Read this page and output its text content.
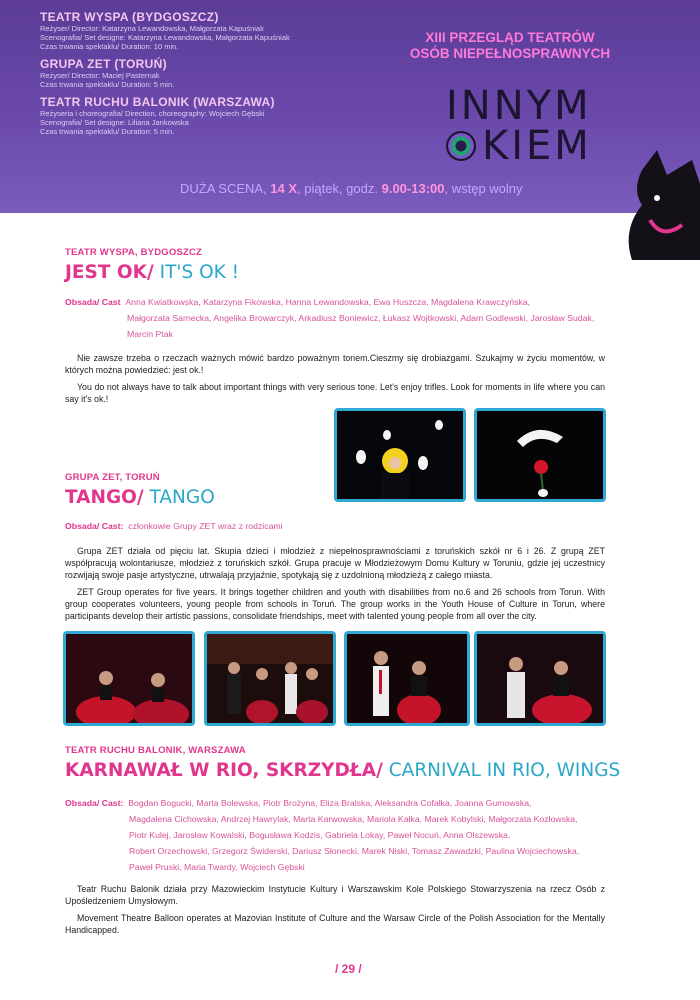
TEATR WYSPA (BYDGOSZCZ)
Reżyser/ Director: Katarzyna Lewandowska, Małgorzata Kapuśniak
Scenografia/ Set designe: Katarzyna Lewandowska, Małgorzata Kapuśniak
Czas trwania spektaklu/ Duration: 10 min.
GRUPA ZET (TORUŃ)
Reżyser/ Director: Maciej Pasternak
Czas trwania spektaklu/ Duration: 5 min.
TEATR RUCHU BALONIK (WARSZAWA)
Reżyseria i choreografia/ Direction, choreography: Wojciech Gębski
Scenografia/ Set designe: Liliana Jankowska
Czas trwania spektaklu/ Duration: 5 min.
XIII PRZEGLĄD TEATRÓW
OSÓB NIEPEŁNOSPRAWNYCH
INNYM
KIEM
DUŻA SCENA, 14 X, piątek, godz. 9.00-13:00, wstęp wolny
TEATR WYSPA, BYDGOSZCZ
JEST OK/ IT'S OK !
Obsada/ Cast Anna Kwiatkowska, Katarzyna Fikowska, Hanna Lewandowska, Ewa Huszcza, Magdalena Krawczyńska,
Małgorzata Sarnecka, Angelika Browarczyk, Arkadiusz Boniewicz, Łukasz Wojtkowski, Adam Godlewski, Jarosław Sudak,
Marcin Ptak

Nie zawsze trzeba o rzeczach ważnych mówić bardzo poważnym tonem.Cieszmy się drobiazgami. Szukajmy w życiu momentów, w których można powiedzieć: jest ok.!

You do not always have to talk about important things with very serious tone. Let's enjoy trifles. Look for moments in life where you can say it's ok.!

GRUPA ZET, TORUŃ
TANGO/ TANGO
Obsada/ Cast: członkowie Grupy ZET wraz z rodzicami

Grupa ZET działa od pięciu lat. Skupia dzieci i młodzież z niepełnosprawnościami z toruńskich szkół nr 6 i 26. Z grupą ZET współpracują wolontariusze, młodzież z toruńskich szkół. Grupa pracuje w Młodzieżowym Domu Kultury w Toruniu, gdzie jej uczestnicy rozwijają swoje pasje artystyczne, utrwalają przyjaźnie, spotykają się z uzdolnioną młodzieżą z całego miasta.

ZET Group operates for five years. It brings together children and youth with disabilities from no.6 and 26 schools from Torun. With group cooperates volunteers, young people from schools in Toruń. The group works in the Youth House of Culture in Torun, where participants develop their artistic passions, consolidate friendships, meet with talented young people from all over the city.

TEATR RUCHU BALONIK, WARSZAWA
KARNAWAŁ W RIO, SKRZYDŁA/ CARNIVAL IN RIO, WINGS
Obsada/ Cast: Bogdan Bogucki, Marta Bolewska, Piotr Brożyna, Eliza Bralska, Aleksandra Cofałka, Joanna Gumowska,
Magdalena Cichowska, Andrzej Hawrylak, Marta Karwowska, Mariola Kałka, Marek Kobylski, Małgorzata Kozłowska,
Piotr Kulej, Jarosław Kowalski, Bogusława Kodzis, Gabriela Lokay, Paweł Nocuń, Anna Olszewska,
Robert Orzechowski, Grzegorz Świderski, Dariusz Słonecki, Marek Niski, Tomasz Zawadzki, Paulina Wojciechowska,
Paweł Pruski, Maria Twardy, Wojciech Gębski

Teatr Ruchu Balonik działa przy Mazowieckim Instytucie Kultury i Warszawskim Kole Polskiego Stowarzyszenia na rzecz Osób z Upośledzeniem Umysłowym.

Movement Theatre Balloon operates at Mazovian Institute of Culture and the Warsaw Circle of the Polish Association for the Mentally Handicapped.

/ 29 /
